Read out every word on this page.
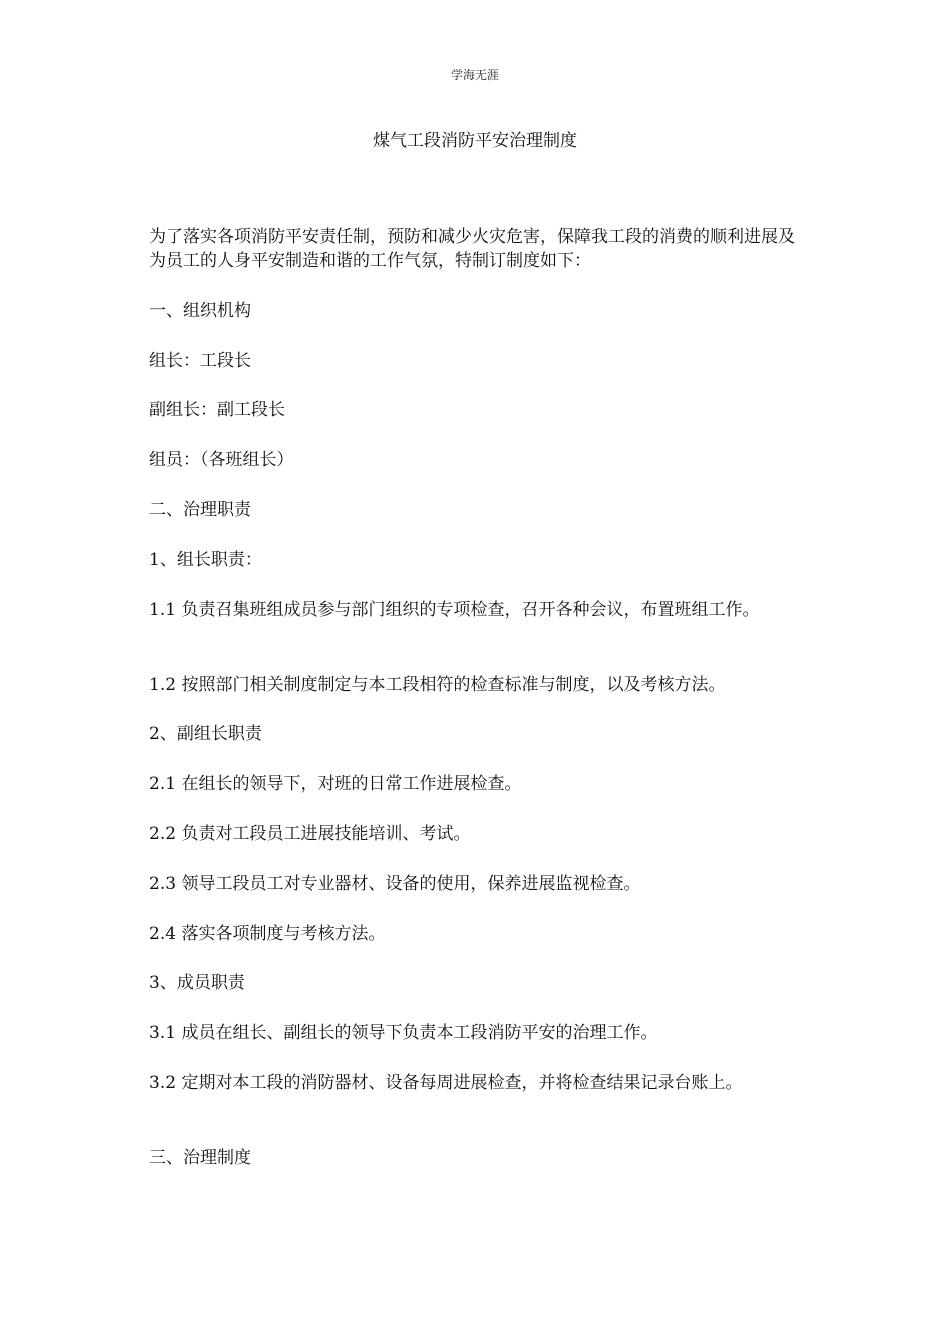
学海无涯
煤气工段消防平安治理制度

为了落实各项消防平安责任制，预防和减少火灾危害，保障我工段的消费的顺利进展及为员工的人身平安制造和谐的工作气氛，特制订制度如下：

一、组织机构

组长：工段长

副组长：副工段长

组员：（各班组长）

二、治理职责

1、组长职责：

1.1 负责召集班组成员参与部门组织的专项检查，召开各种会议，布置班组工作。

1.2 按照部门相关制度制定与本工段相符的检查标准与制度，以及考核方法。

2、副组长职责

2.1 在组长的领导下，对班的日常工作进展检查。

2.2 负责对工段员工进展技能培训、考试。

2.3 领导工段员工对专业器材、设备的使用，保养进展监视检查。

2.4 落实各项制度与考核方法。

3、成员职责

3.1 成员在组长、副组长的领导下负责本工段消防平安的治理工作。

3.2 定期对本工段的消防器材、设备每周进展检查，并将检查结果记录台账上。

三、治理制度
